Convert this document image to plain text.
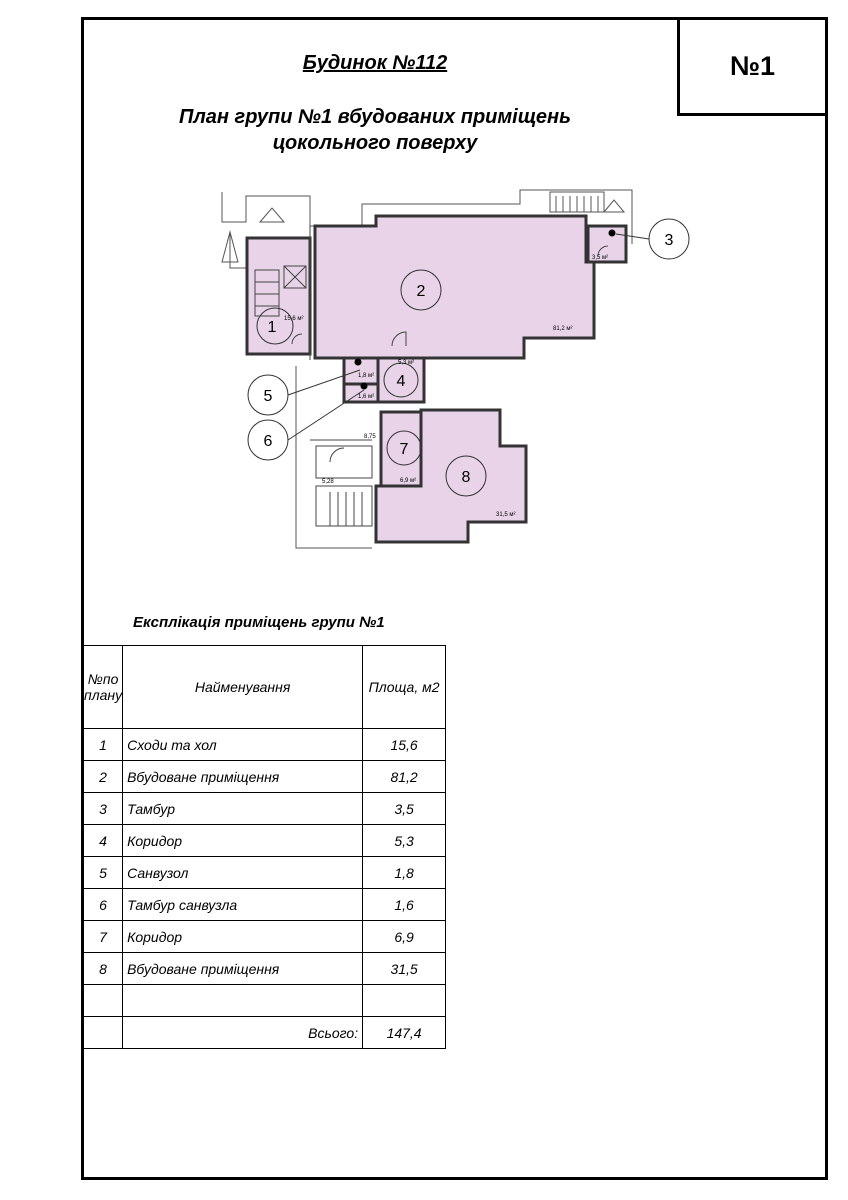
№1
Будинок №112
План групи №1 вбудованих приміщень
цокольного поверху
1
2
3
4
5
6	7
8
15,6 м²
81,2 м²
3,5 м²
5,3 м²
1,8 м²
1,6 м²
6,9 м²
31,5 м²
8,75
5,28
Експлікація приміщень групи №1
№по
плану	Найменування	Площа, м2
1	Сходи та хол	15,6
2	Вбудоване приміщення	81,2
3	Тамбур	3,5
4	Коридор	5,3
5	Санвузол	1,8
6	Тамбур санвузла	1,6
7	Коридор	6,9
8	Вбудоване приміщення	31,5

	Всього:	147,4
